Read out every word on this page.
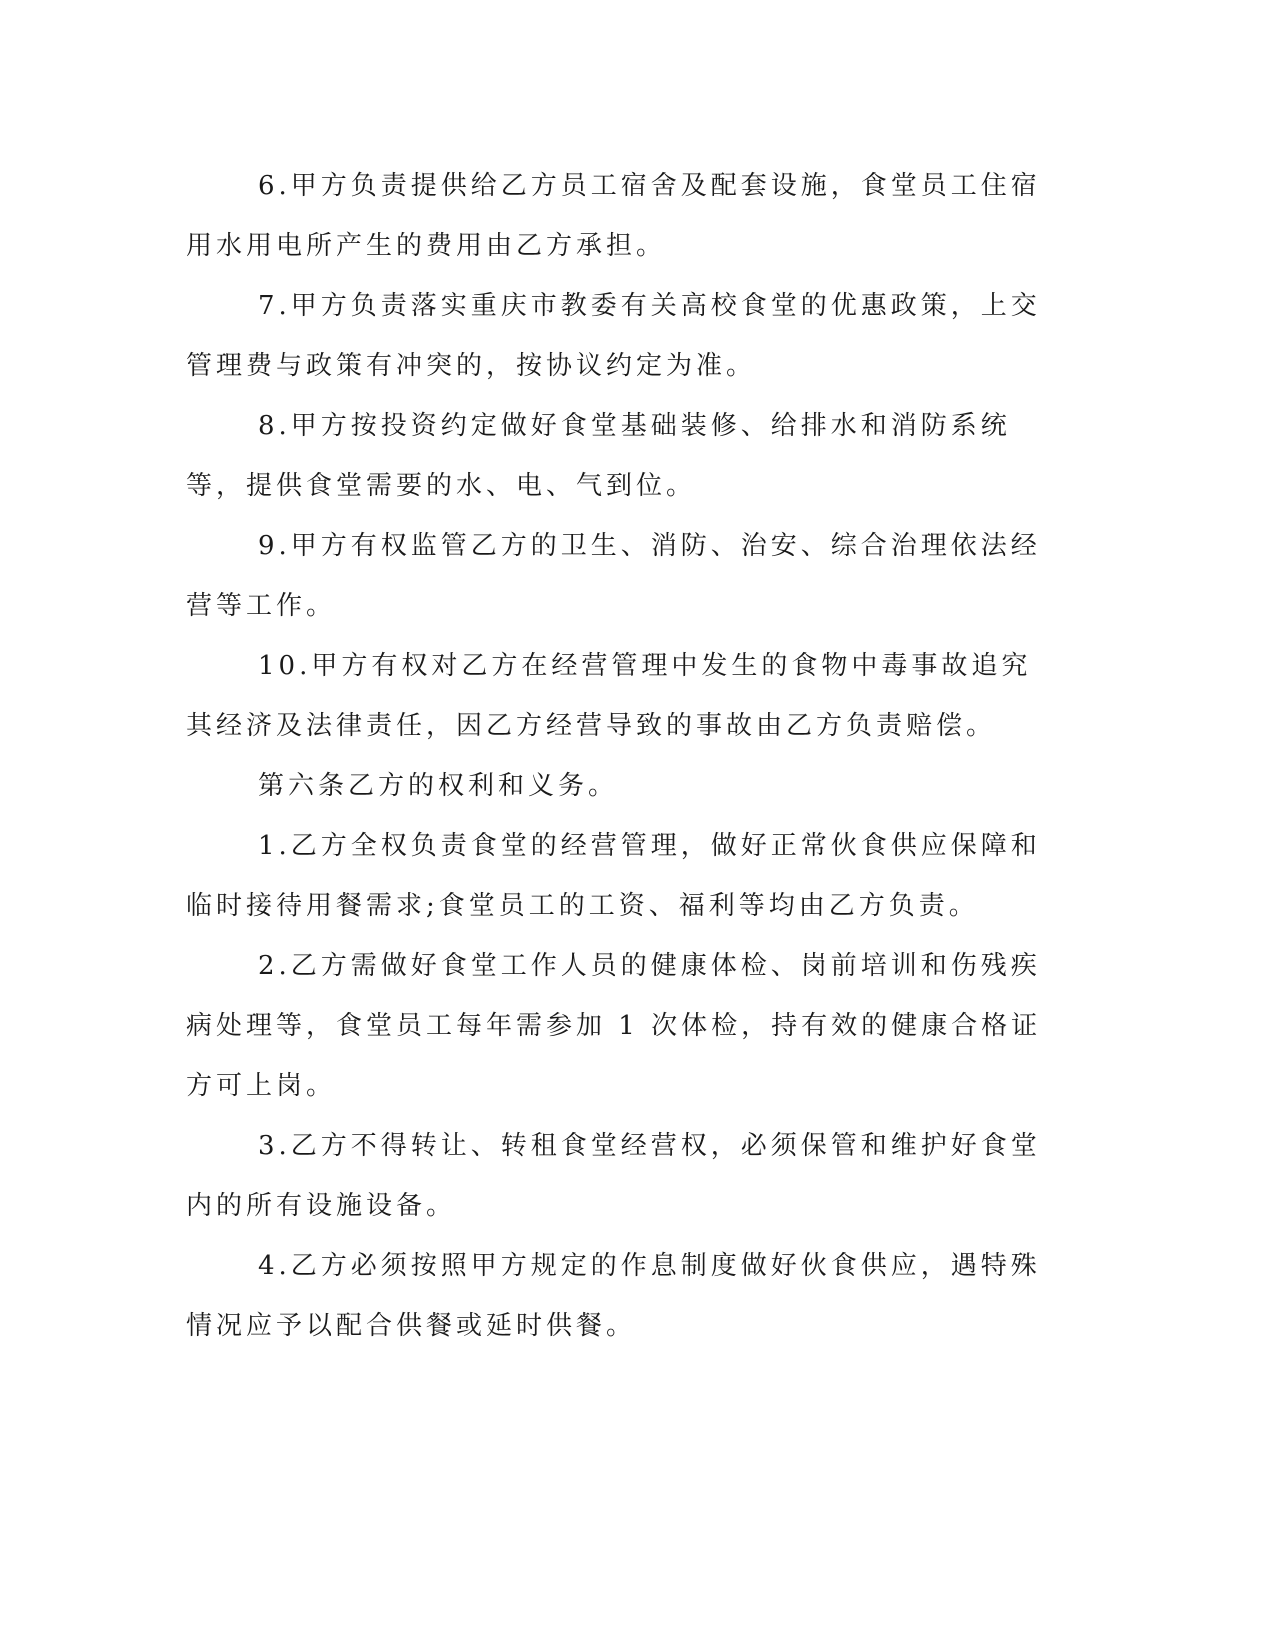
6.甲方负责提供给乙方员工宿舍及配套设施，食堂员工住宿用水用电所产生的费用由乙方承担。

7.甲方负责落实重庆市教委有关高校食堂的优惠政策，上交管理费与政策有冲突的，按协议约定为准。

8.甲方按投资约定做好食堂基础装修、给排水和消防系统等，提供食堂需要的水、电、气到位。

9.甲方有权监管乙方的卫生、消防、治安、综合治理依法经营等工作。

10.甲方有权对乙方在经营管理中发生的食物中毒事故追究其经济及法律责任，因乙方经营导致的事故由乙方负责赔偿。

第六条乙方的权利和义务。

1.乙方全权负责食堂的经营管理，做好正常伙食供应保障和临时接待用餐需求;食堂员工的工资、福利等均由乙方负责。

2.乙方需做好食堂工作人员的健康体检、岗前培训和伤残疾病处理等，食堂员工每年需参加 1 次体检，持有效的健康合格证方可上岗。

3.乙方不得转让、转租食堂经营权，必须保管和维护好食堂内的所有设施设备。

4.乙方必须按照甲方规定的作息制度做好伙食供应，遇特殊情况应予以配合供餐或延时供餐。
